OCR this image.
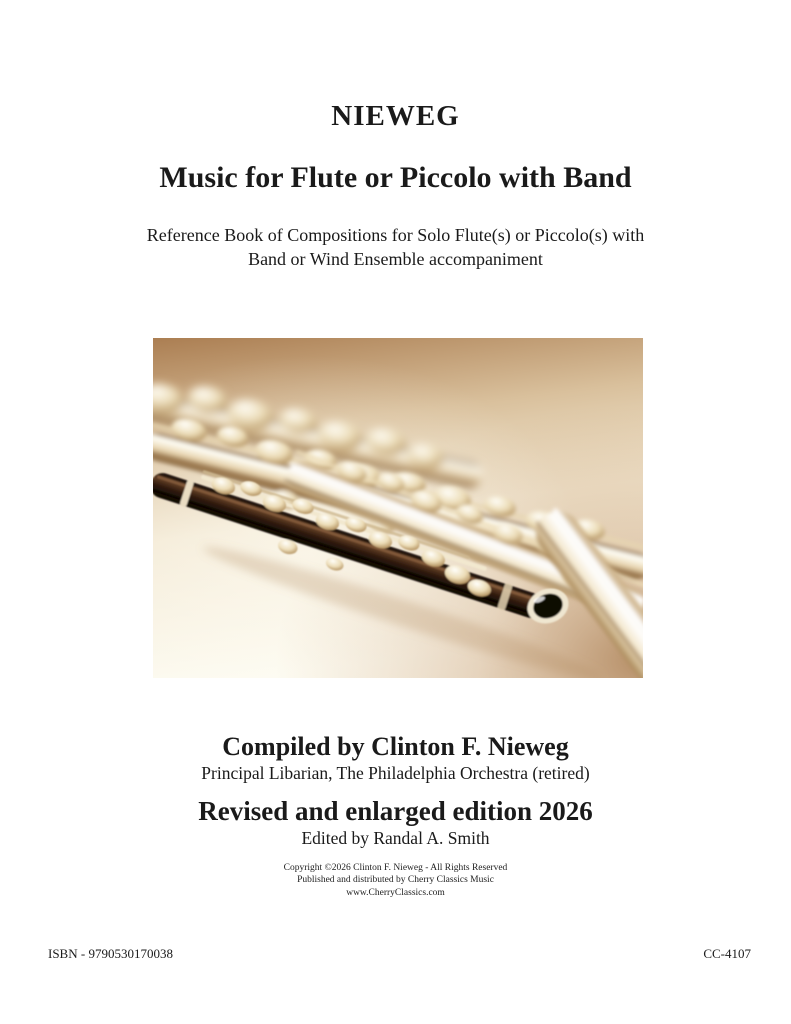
NIEWEG
Music for Flute or Piccolo with Band
Reference Book of Compositions for Solo Flute(s) or Piccolo(s) with
Band or Wind Ensemble accompaniment
Compiled by Clinton F. Nieweg
Principal Libarian, The Philadelphia Orchestra (retired)
Revised and enlarged edition 2026
Edited by Randal A. Smith
Copyright ©2026 Clinton F. Nieweg - All Rights Reserved
Published and distributed by Cherry Classics Music
www.CherryClassics.com
ISBN - 9790530170038	CC-4107
